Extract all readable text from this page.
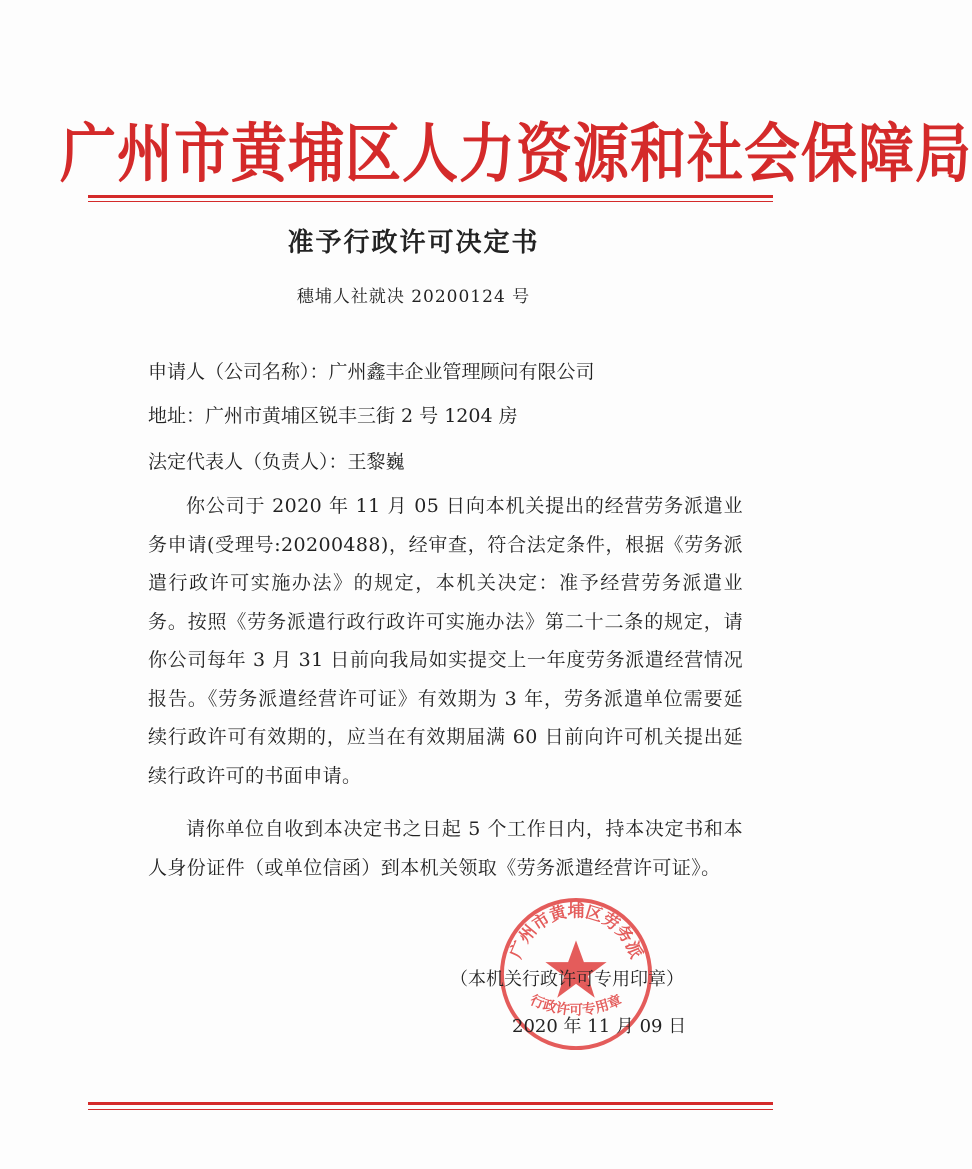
广州市黄埔区人力资源和社会保障局
准予行政许可决定书
穗埔人社就决 20200124 号
申请人（公司名称）：广州鑫丰企业管理顾问有限公司
地址：广州市黄埔区锐丰三街 2 号 1204 房
法定代表人（负责人）：王黎巍

你公司于 2020 年 11 月 05 日向本机关提出的经营劳务派遣业务申请(受理号:20200488)，经审查，符合法定条件，根据《劳务派遣行政许可实施办法》的规定，本机关决定：准予经营劳务派遣业务。按照《劳务派遣行政行政许可实施办法》第二十二条的规定，请你公司每年 3 月 31 日前向我局如实提交上一年度劳务派遣经营情况报告。《劳务派遣经营许可证》有效期为 3 年，劳务派遣单位需要延续行政许可有效期的，应当在有效期届满 60 日前向许可机关提出延续行政许可的书面申请。

请你单位自收到本决定书之日起 5 个工作日内，持本决定书和本人身份证件（或单位信函）到本机关领取《劳务派遣经营许可证》。

广州市黄埔区劳务派
行政许可专用章
（本机关行政许可专用印章）
2020 年 11 月 09 日
